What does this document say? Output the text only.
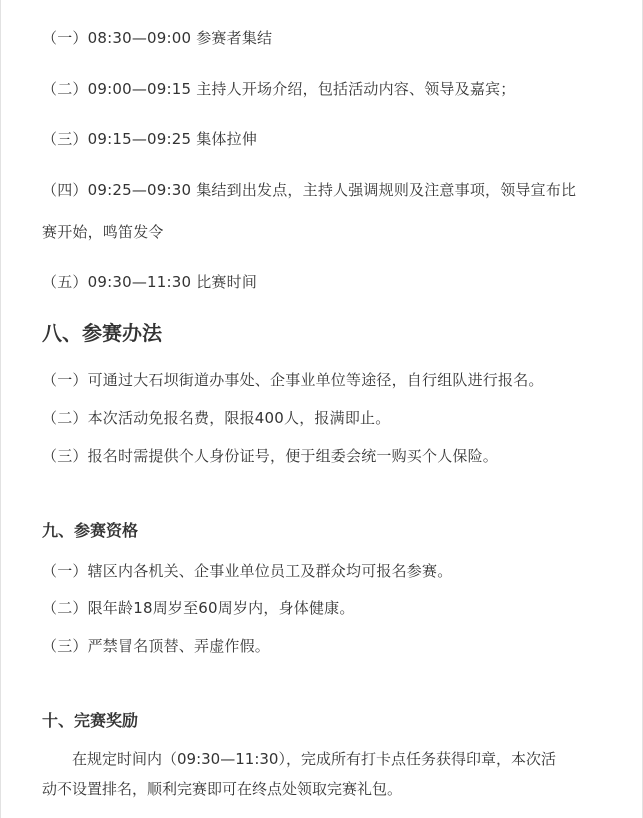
（一）08:30—09:00 参赛者集结
（二）09:00—09:15 主持人开场介绍，包括活动内容、领导及嘉宾；
（三）09:15—09:25 集体拉伸
（四）09:25—09:30 集结到出发点，主持人强调规则及注意事项，领导宣布比
赛开始，鸣笛发令
（五）09:30—11:30 比赛时间
八、参赛办法
（一）可通过大石坝街道办事处、企事业单位等途径，自行组队进行报名。
（二）本次活动免报名费，限报400人，报满即止。
（三）报名时需提供个人身份证号，便于组委会统一购买个人保险。
九、参赛资格
（一）辖区内各机关、企事业单位员工及群众均可报名参赛。
（二）限年龄18周岁至60周岁内，身体健康。
（三）严禁冒名顶替、弄虚作假。
十、完赛奖励
在规定时间内（09:30—11:30），完成所有打卡点任务获得印章，本次活
动不设置排名，顺利完赛即可在终点处领取完赛礼包。
